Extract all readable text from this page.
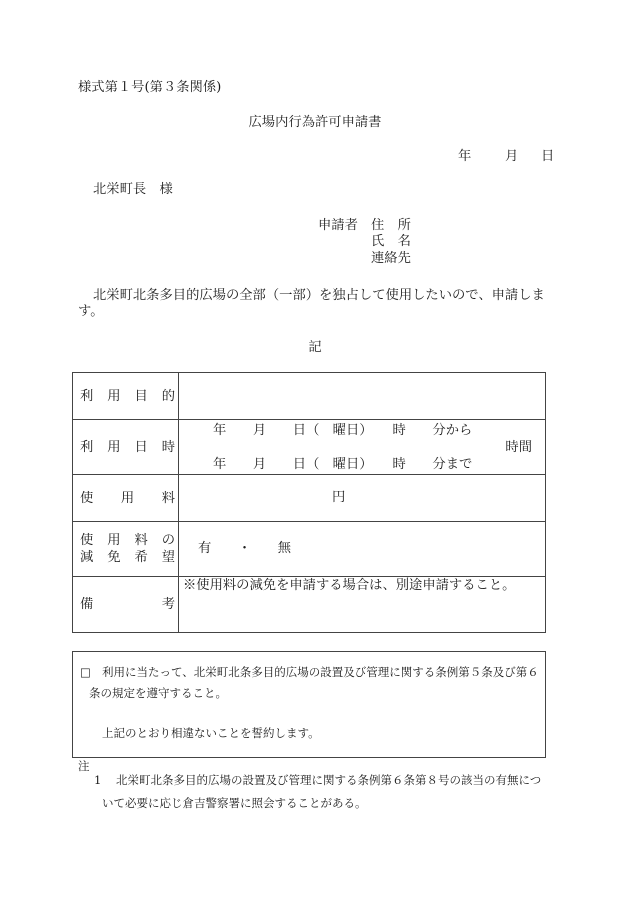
様式第１号(第３条関係)
広場内行為許可申請書
年	月 日
北栄町長　様
申請者 住　所
氏　名
連絡先
北栄町北条多目的広場の全部（一部）を独占して使用したいので、申請しま
す。
記
利　用　目　的
利　用　日　時
年　　月　　日（　曜日）　　時　　分から
時間
年　　月　　日（　曜日）　　時　　分まで
使　　用　　料	円
使　用　料　の
減　免　希　望
有 ・ 無
備　　　　考
※使用料の減免を申請する場合は、別途申請すること。
□ 利用に当たって、北栄町北条多目的広場の設置及び管理に関する条例第５条及び第６
条の規定を遵守すること。
上記のとおり相違ないことを誓約します。
注
1 北栄町北条多目的広場の設置及び管理に関する条例第６条第８号の該当の有無につ
いて必要に応じ倉吉警察署に照会することがある。
